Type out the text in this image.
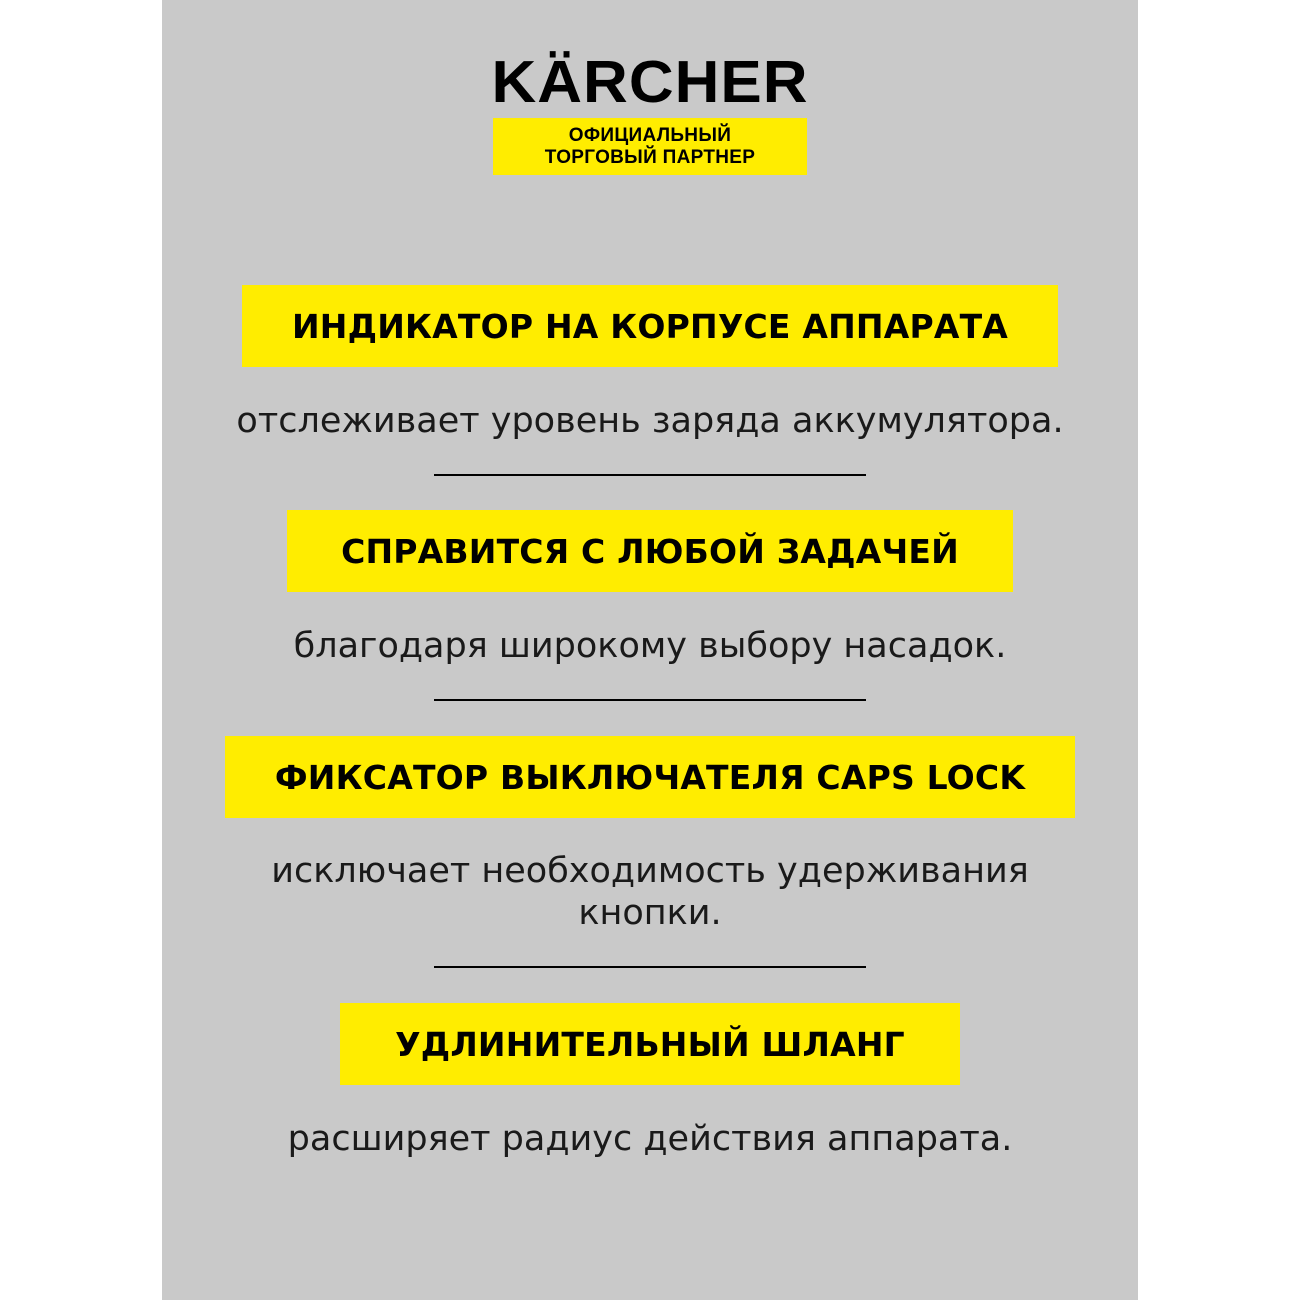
KÄRCHER
ОФИЦИАЛЬНЫЙ
ТОРГОВЫЙ ПАРТНЕР
ИНДИКАТОР НА КОРПУСЕ АППАРАТА
отслеживает уровень заряда аккумулятора.
СПРАВИТСЯ С ЛЮБОЙ ЗАДАЧЕЙ
благодаря широкому выбору насадок.
ФИКСАТОР ВЫКЛЮЧАТЕЛЯ CAPS LOCK
исключает необходимость удерживания
кнопки.
УДЛИНИТЕЛЬНЫЙ ШЛАНГ
расширяет радиус действия аппарата.
